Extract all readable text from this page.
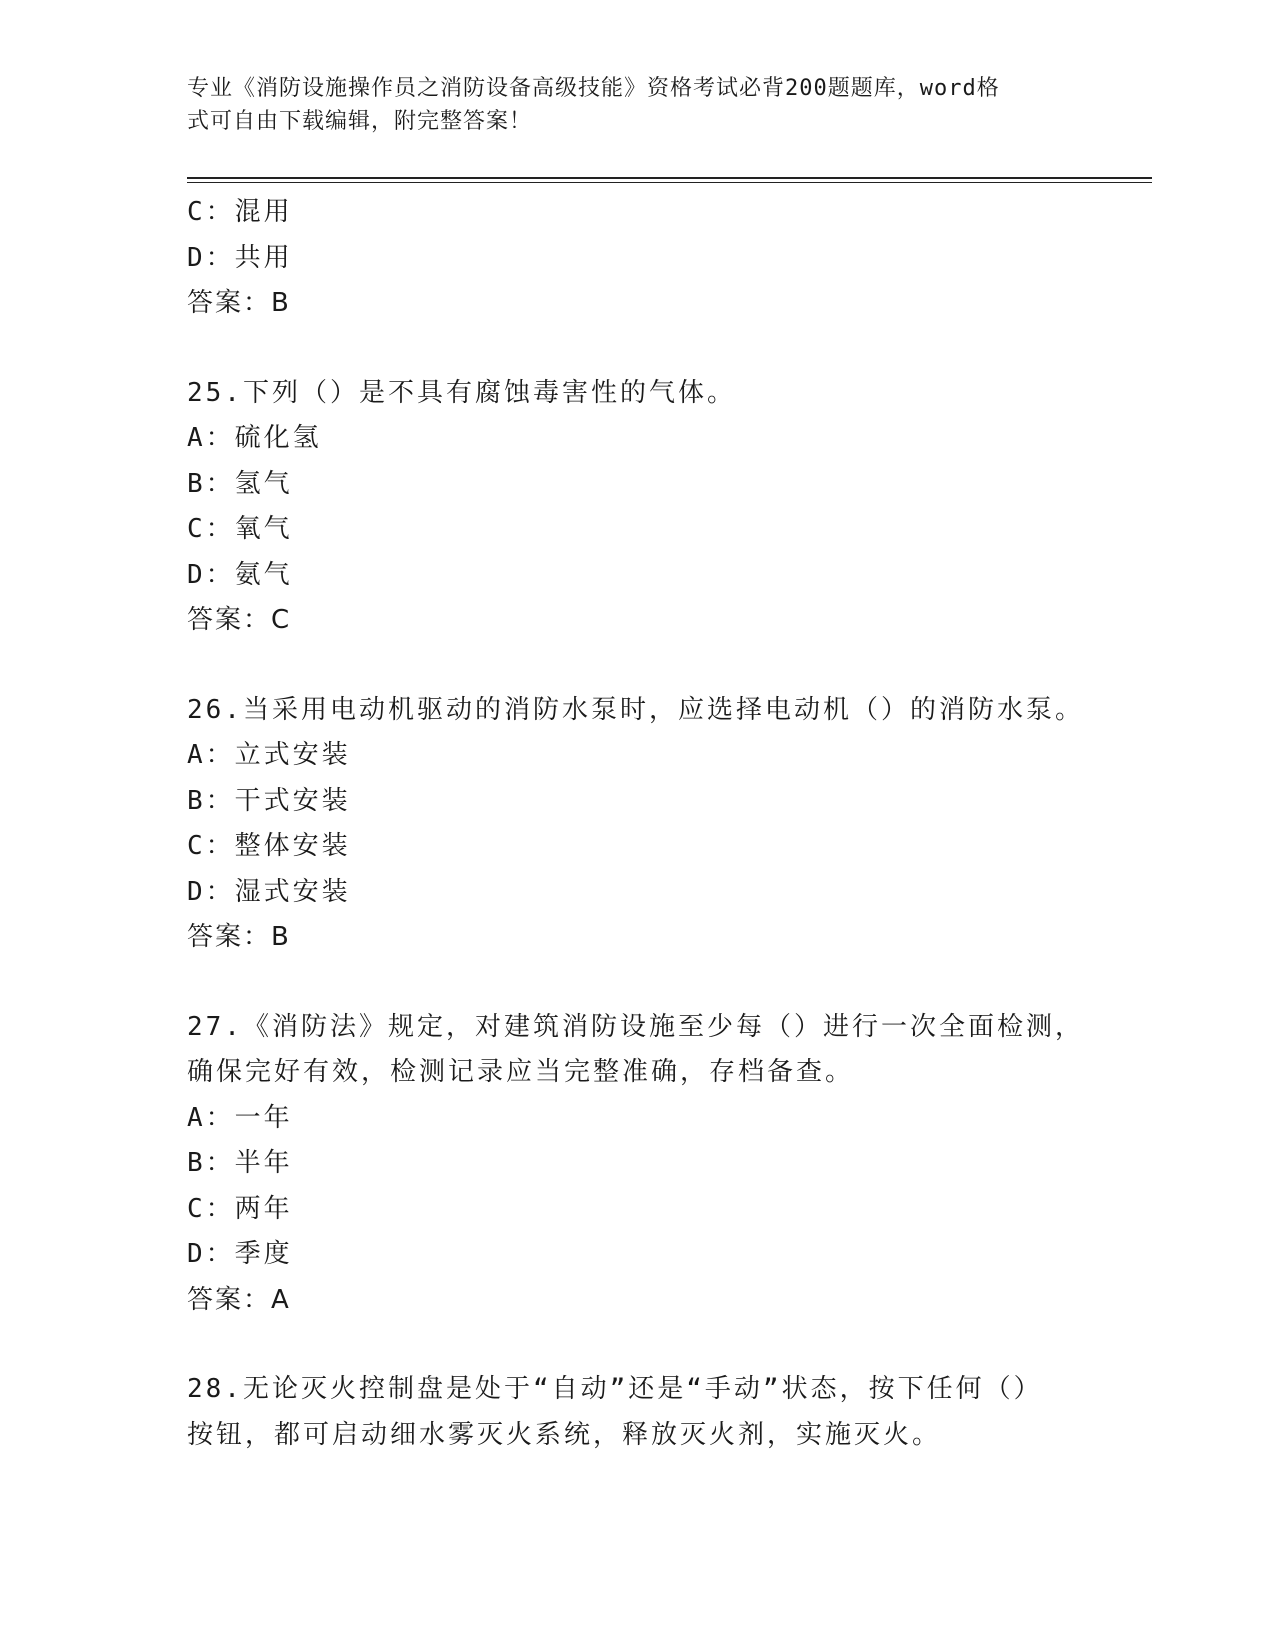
专业《消防设施操作员之消防设备高级技能》资格考试必背200题题库，word格
式可自由下载编辑，附完整答案！
C：混用
D：共用
答案：B
25.下列（）是不具有腐蚀毒害性的气体。
A：硫化氢
B：氢气
C：氧气
D：氨气
答案：C
26.当采用电动机驱动的消防水泵时，应选择电动机（）的消防水泵。
A：立式安装
B：干式安装
C：整体安装
D：湿式安装
答案：B
27.《消防法》规定，对建筑消防设施至少每（）进行一次全面检测，
确保完好有效，检测记录应当完整准确，存档备查。
A：一年
B：半年
C：两年
D：季度
答案：A
28.无论灭火控制盘是处于“自动”还是“手动”状态，按下任何（）
按钮，都可启动细水雾灭火系统，释放灭火剂，实施灭火。
